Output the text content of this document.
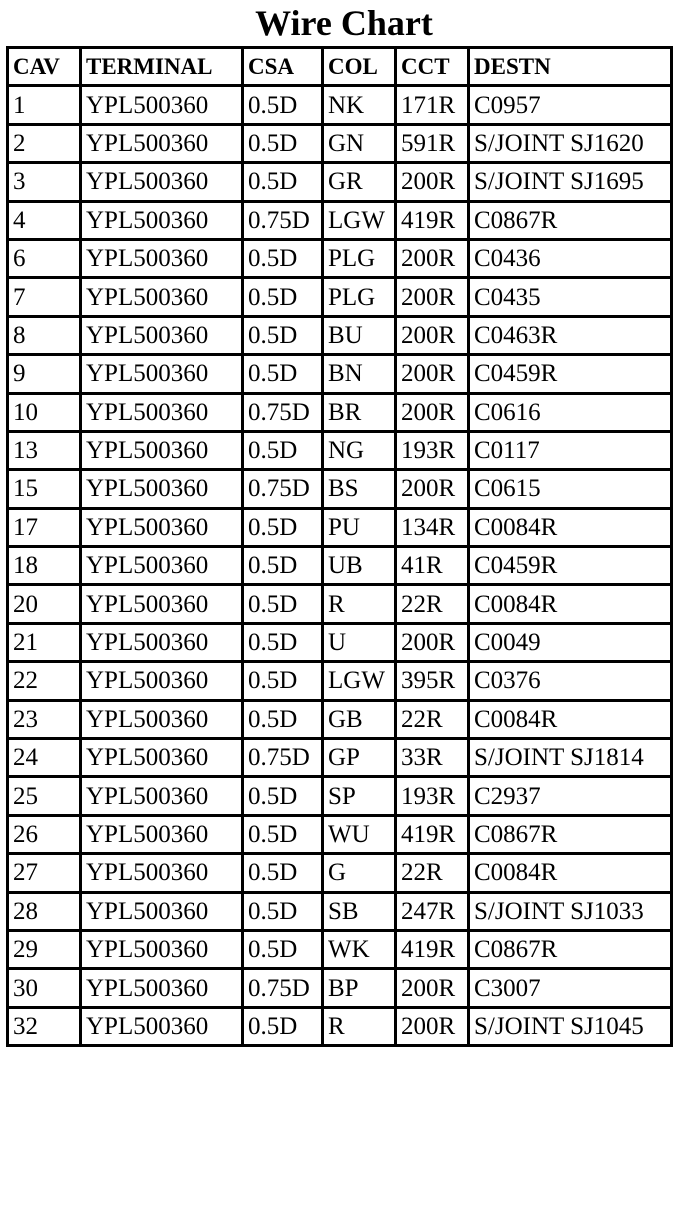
Wire Chart
CAV	TERMINAL	CSA	COL	CCT	DESTN
1	YPL500360	0.5D	NK	171R	C0957
2	YPL500360	0.5D	GN	591R	S/JOINT SJ1620
3	YPL500360	0.5D	GR	200R	S/JOINT SJ1695
4	YPL500360	0.75D	LGW	419R	C0867R
6	YPL500360	0.5D	PLG	200R	C0436
7	YPL500360	0.5D	PLG	200R	C0435
8	YPL500360	0.5D	BU	200R	C0463R
9	YPL500360	0.5D	BN	200R	C0459R
10	YPL500360	0.75D	BR	200R	C0616
13	YPL500360	0.5D	NG	193R	C0117
15	YPL500360	0.75D	BS	200R	C0615
17	YPL500360	0.5D	PU	134R	C0084R
18	YPL500360	0.5D	UB	41R	C0459R
20	YPL500360	0.5D	R	22R	C0084R
21	YPL500360	0.5D	U	200R	C0049
22	YPL500360	0.5D	LGW	395R	C0376
23	YPL500360	0.5D	GB	22R	C0084R
24	YPL500360	0.75D	GP	33R	S/JOINT SJ1814
25	YPL500360	0.5D	SP	193R	C2937
26	YPL500360	0.5D	WU	419R	C0867R
27	YPL500360	0.5D	G	22R	C0084R
28	YPL500360	0.5D	SB	247R	S/JOINT SJ1033
29	YPL500360	0.5D	WK	419R	C0867R
30	YPL500360	0.75D	BP	200R	C3007
32	YPL500360	0.5D	R	200R	S/JOINT SJ1045
